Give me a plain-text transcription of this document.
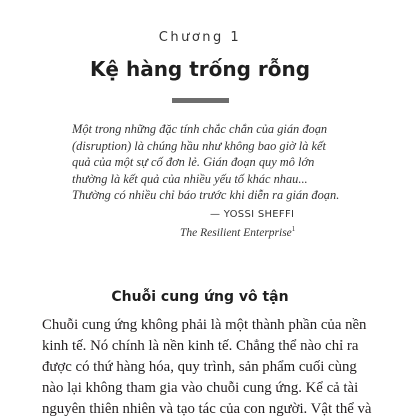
Chương 1
Kệ hàng trống rỗng
Một trong những đặc tính chắc chắn của gián đoạn
(disruption) là chúng hầu như không bao giờ là kết
quả của một sự cố đơn lẻ. Gián đoạn quy mô lớn
thường là kết quả của nhiều yếu tố khác nhau...
Thường có nhiều chỉ báo trước khi diễn ra gián đoạn.
— YOSSI SHEFFI
The Resilient Enterprise$^1$
Chuỗi cung ứng vô tận
Chuỗi cung ứng không phải là một thành phần của nền
kinh tế. Nó chính là nền kinh tế. Chẳng thể nào chỉ ra
được có thứ hàng hóa, quy trình, sản phẩm cuối cùng
nào lại không tham gia vào chuỗi cung ứng. Kể cả tài
nguyên thiên nhiên và tạo tác của con người. Vật thể và
